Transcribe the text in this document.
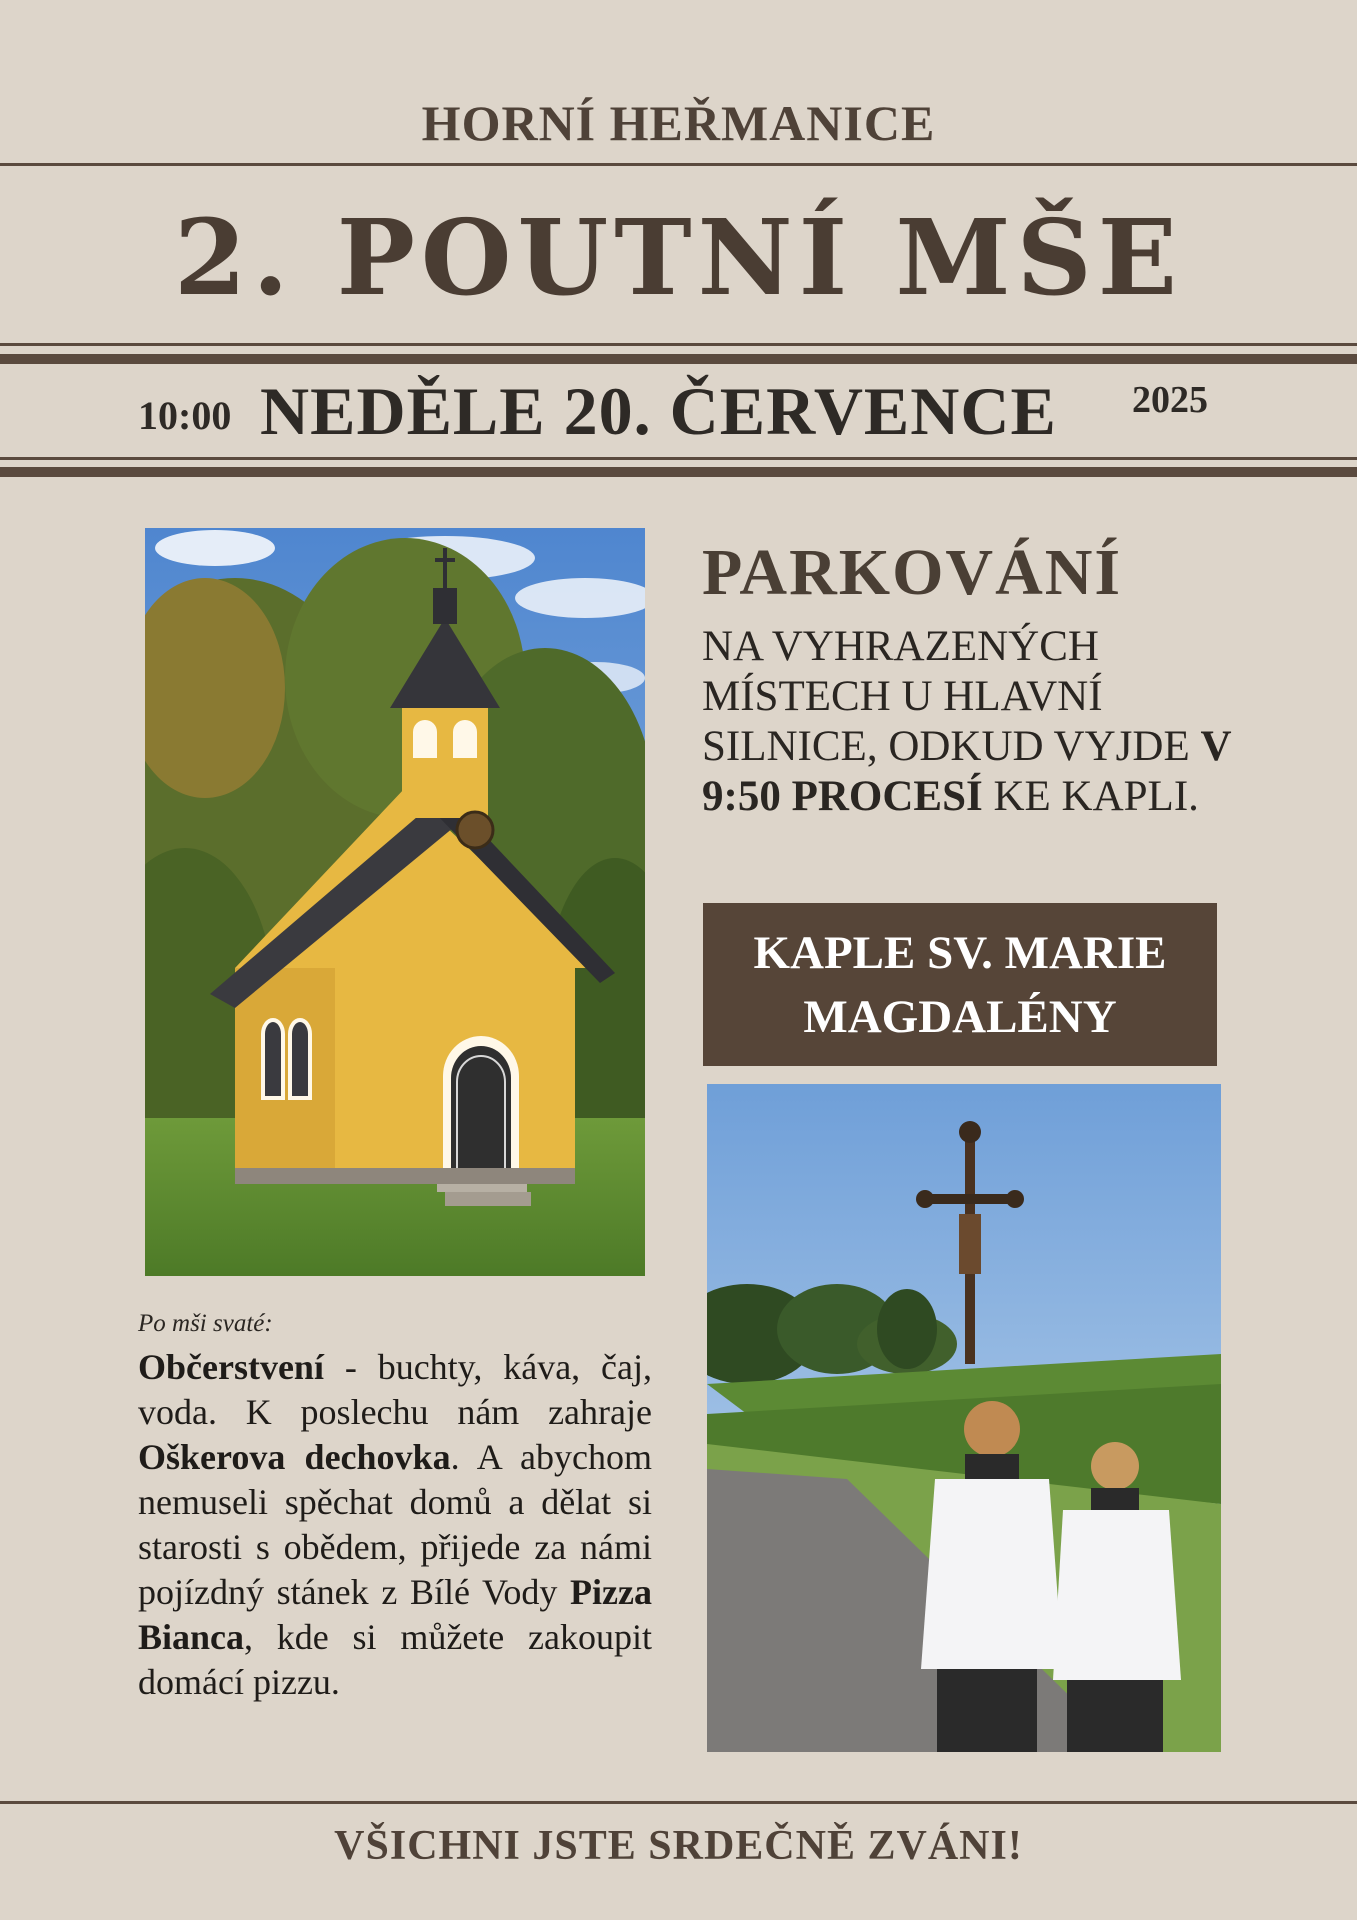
HORNÍ HEŘMANICE
2. POUTNÍ MŠE
10:00 NEDĚLE 20. ČERVENCE 2025
PARKOVÁNÍ
NA VYHRAZENÝCH MÍSTECH U HLAVNÍ SILNICE, ODKUD VYJDE V 9:50 PROCESÍ KE KAPLI.
KAPLE SV. MARIE
MAGDALÉNY
Po mši svaté:
Občerstvení - buchty, káva, čaj, voda. K poslechu nám zahraje Oškerova dechovka. A abychom nemuseli spěchat domů a dělat si starosti s obědem, přijede za námi pojízdný stánek z Bílé Vody Pizza Bianca, kde si můžete zakoupit domácí pizzu.
VŠICHNI JSTE SRDEČNĚ ZVÁNI!
